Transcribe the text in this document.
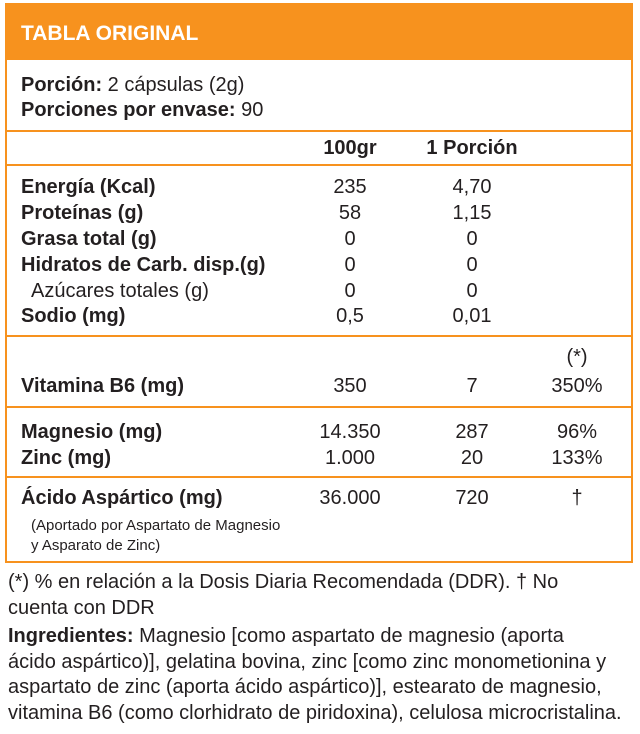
TABLA ORIGINAL
Porción: 2 cápsulas (2g)
Porciones por envase: 90
100gr	1 Porción
Energía (Kcal)	235	4,70
Proteínas (g)	58	1,15
Grasa total (g)	0	0
Hidratos de Carb. disp.(g)	0	0
Azúcares totales (g)	0	0
Sodio (mg)	0,5	0,01
(*)
Vitamina B6 (mg)	350	7	350%
Magnesio (mg)	14.350	287	96%
Zinc (mg)	1.000	20	133%
Ácido Aspártico (mg)	36.000	720	†
(Aportado por Aspartato de Magnesio
y Asparato de Zinc)
(*) % en relación a la Dosis Diaria Recomendada (DDR). † No
cuenta con DDR
Ingredientes: Magnesio [como aspartato de magnesio (aporta
ácido aspártico)], gelatina bovina, zinc [como zinc monometionina y
aspartato de zinc (aporta ácido aspártico)], estearato de magnesio,
vitamina B6 (como clorhidrato de piridoxina), celulosa microcristalina.
